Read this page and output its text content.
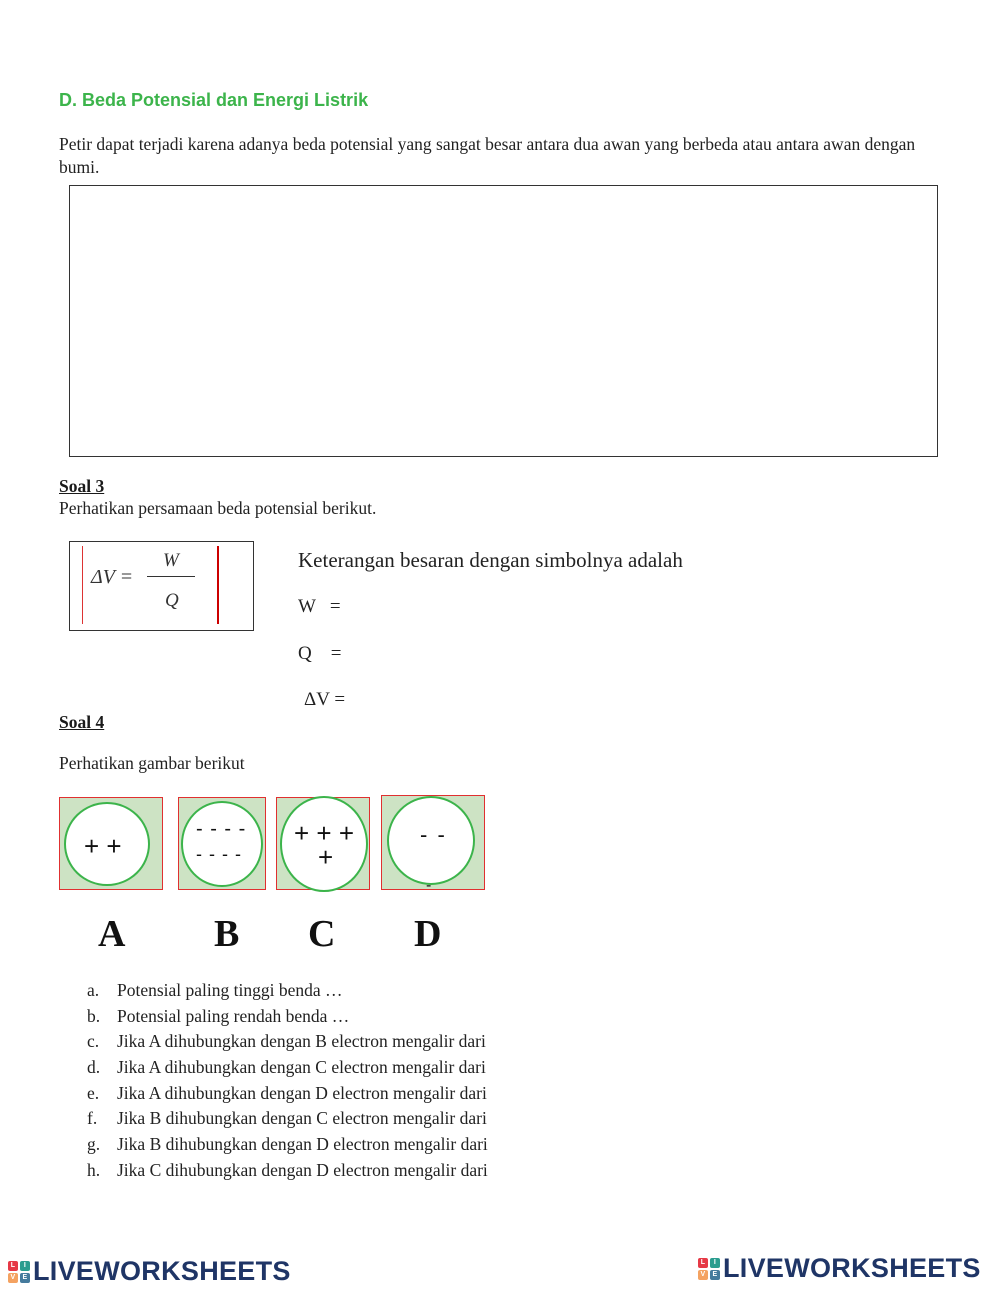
D. Beda Potensial dan Energi Listrik
Petir dapat terjadi karena adanya beda potensial yang sangat besar antara dua awan yang berbeda atau antara awan dengan bumi.
Soal 3
Perhatikan persamaan beda potensial berikut.
ΔV =
W
Q
Keterangan besaran dengan simbolnya adalah
W   =
Q    =
ΔV =
Soal 4
Perhatikan gambar berikut
+ +
- - - -
- - - -
+ + +
+
- -
-
A B C D
a. Potensial paling tinggi benda …
b. Potensial paling rendah benda …
c. Jika A dihubungkan dengan B electron mengalir dari
d. Jika A dihubungkan dengan C electron mengalir dari
e. Jika A dihubungkan dengan D electron mengalir dari
f. Jika B dihubungkan dengan C electron mengalir dari
g. Jika B dihubungkan dengan D electron mengalir dari
h. Jika C dihubungkan dengan D electron mengalir dari
L	I
V	E LIVEWORKSHEETS	L	I
V	E LIVEWORKSHEETS
